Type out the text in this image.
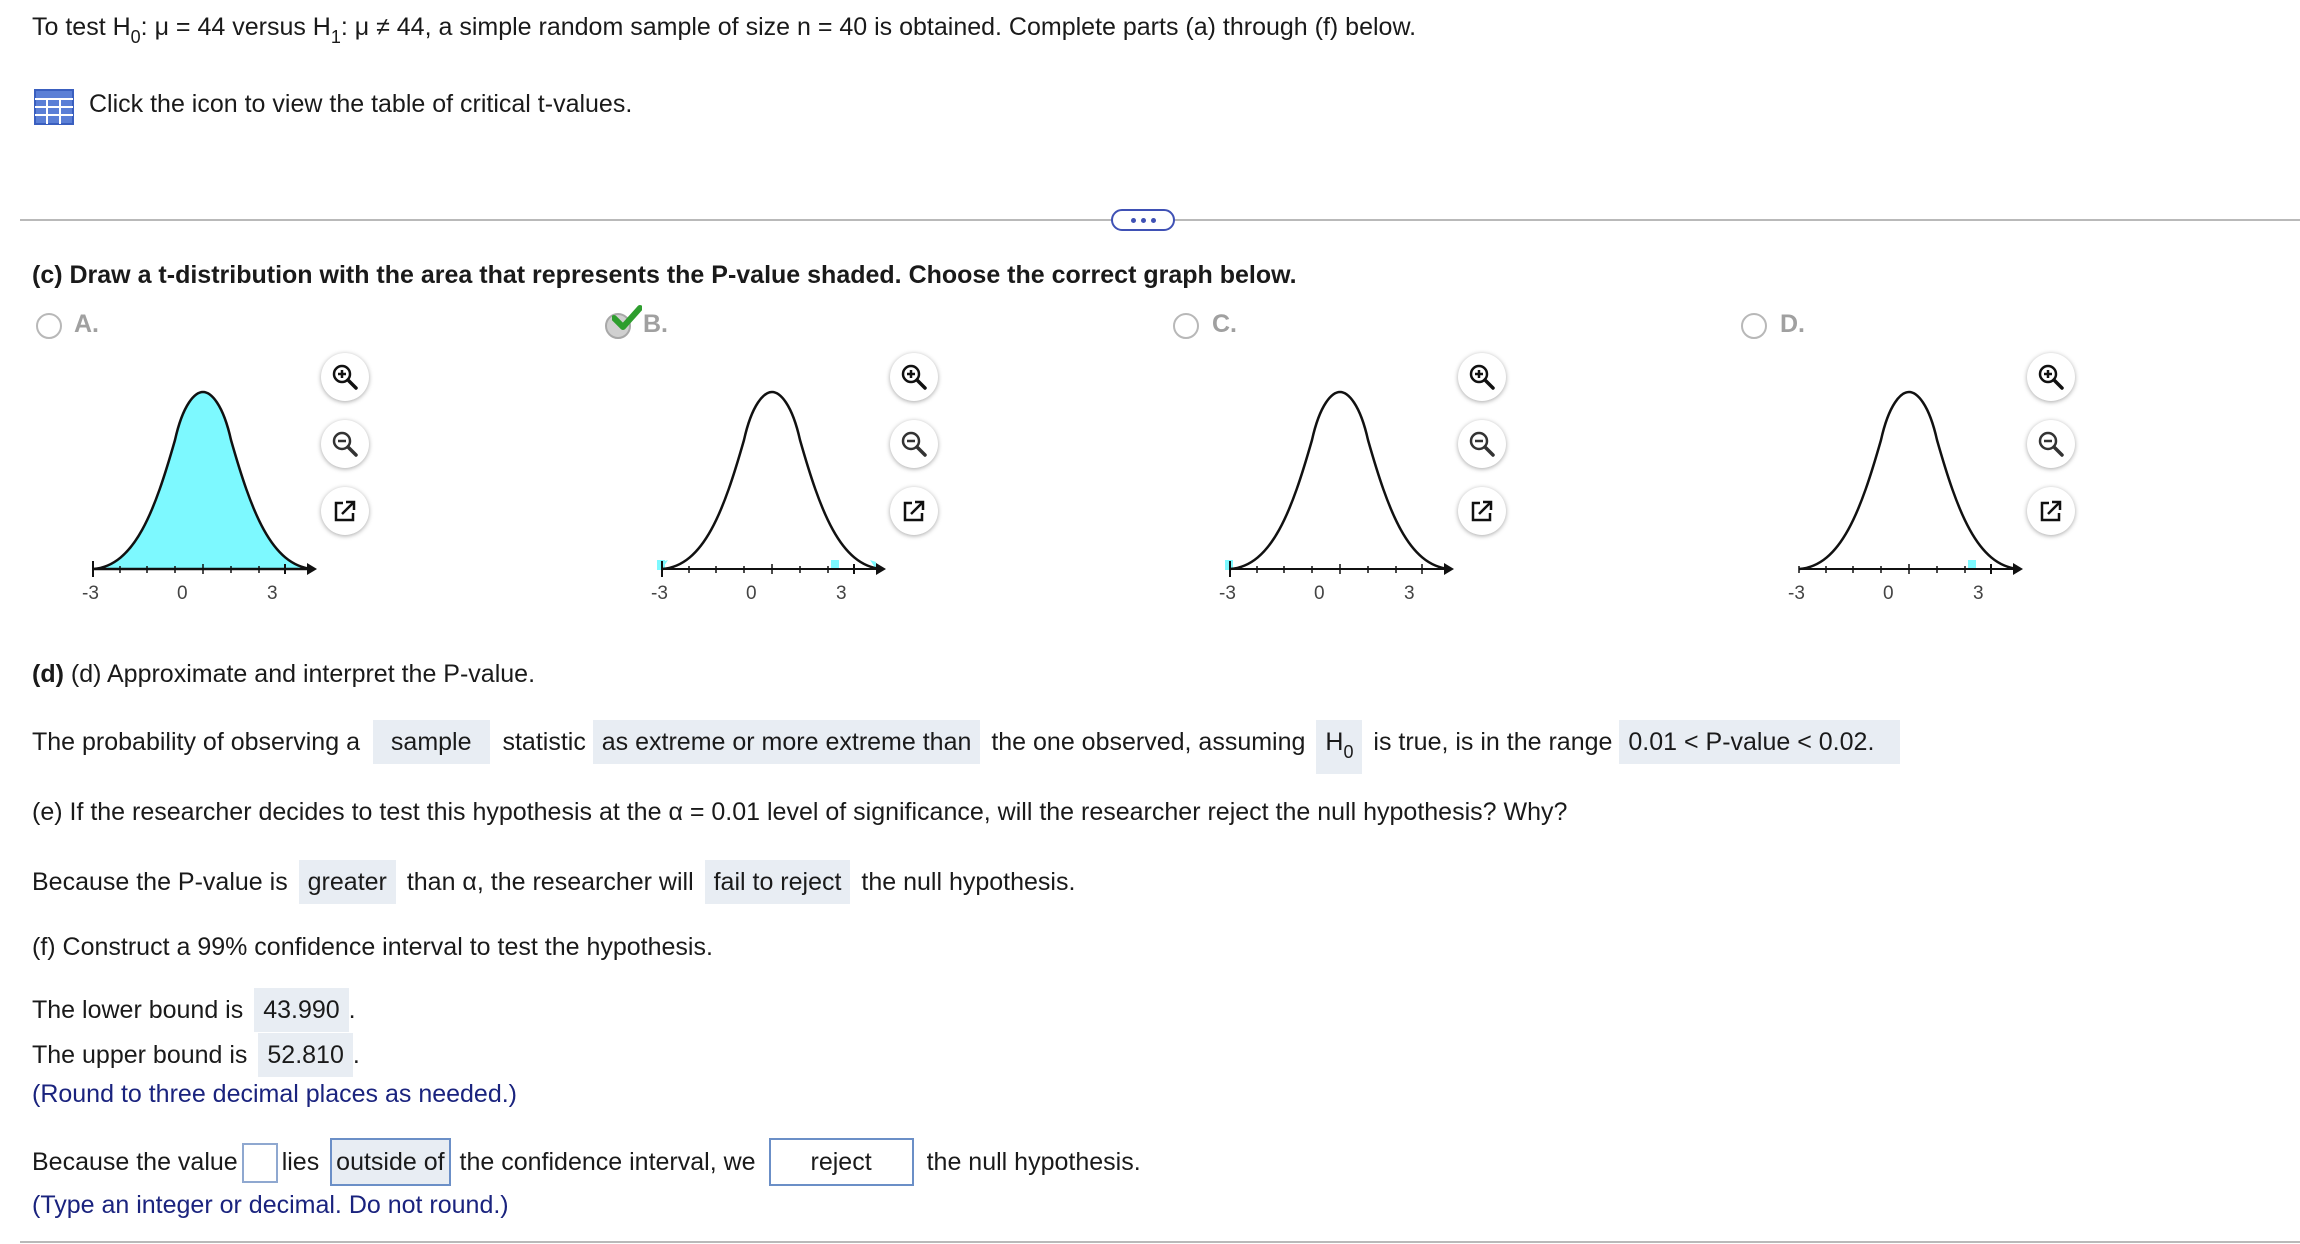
To test $H_0$: μ = 44 versus $H_1$: μ ≠ 44, a simple random sample of size n = 40 is obtained. Complete parts (a) through (f) below.
Click the icon to view the table of critical t-values.
(c) Draw a t-distribution with the area that represents the P-value shaded. Choose the correct graph below.
A.	B.	C.	D.
-3	0	3	-3	0	3	-3	0	3	-3	0	3
(d) (d) Approximate and interpret the P-value.
The probability of observing a sample statistic as extreme or more extreme than the one observed, assuming $H_0$ is true, is in the range 0.01 < P-value < 0.02.
(e) If the researcher decides to test this hypothesis at the α = 0.01 level of significance, will the researcher reject the null hypothesis? Why?
Because the P-value is greater than α, the researcher will fail to reject the null hypothesis.
(f) Construct a 99% confidence interval to test the hypothesis.
The lower bound is 43.990 .
The upper bound is 52.810 .
(Round to three decimal places as needed.)
Because the value lies outside of the confidence interval, we reject the null hypothesis.
(Type an integer or decimal. Do not round.)
